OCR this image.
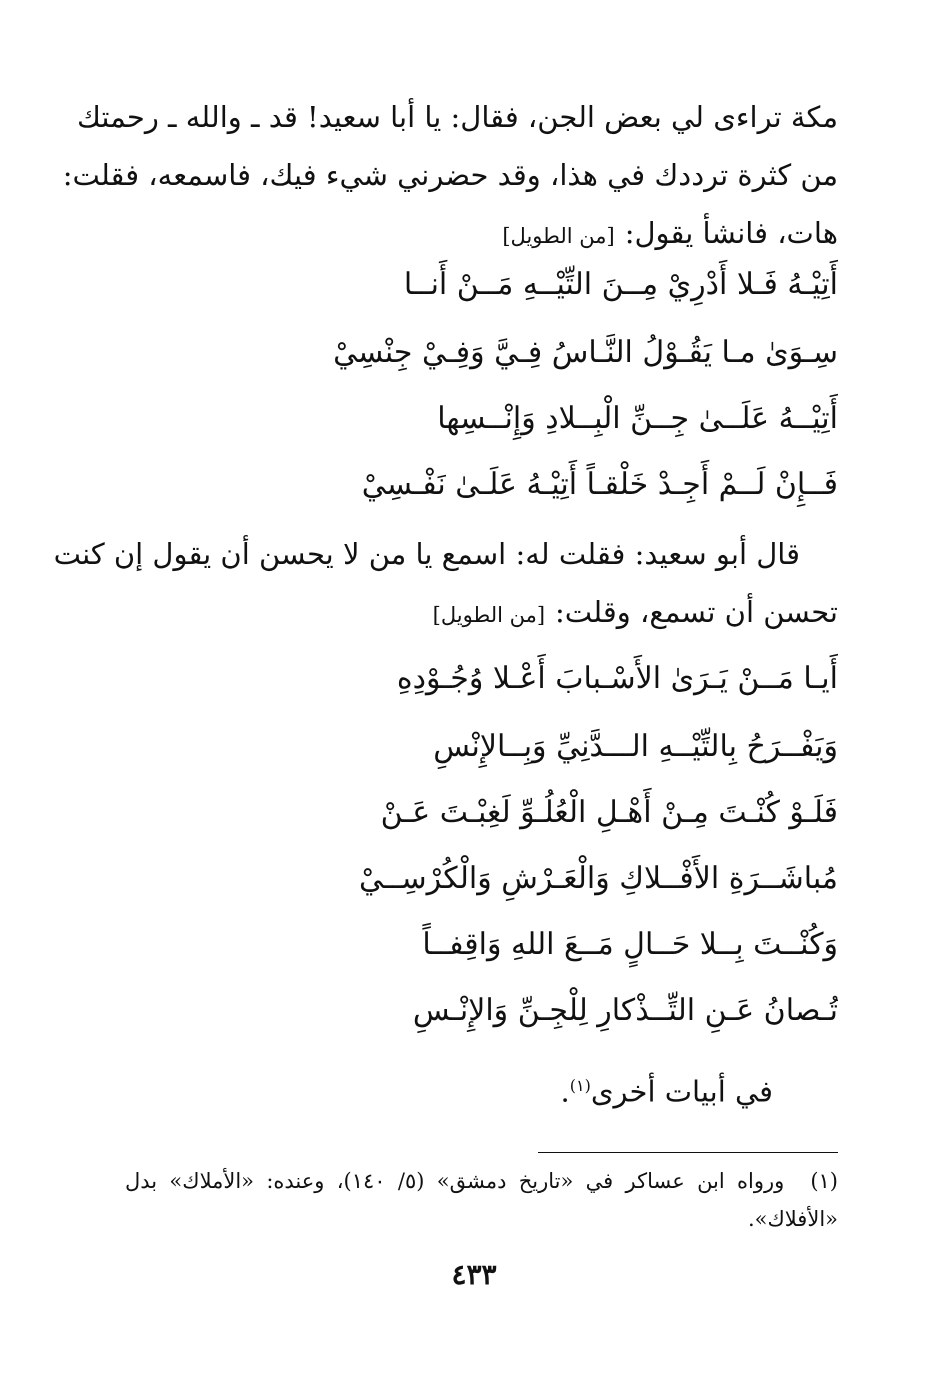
مكة تراءى لي بعض الجن، فقال: يا أبا سعيد! قد ـ والله ـ رحمتك
من كثرة ترددك في هذا، وقد حضرني شيء فيك، فاسمعه، فقلت:
هات، فانشأ يقول:[من الطويل]
أَتِيْـهُ فَـلا أَدْرِيْ مِــنَ التِّيْــهِ مَــنْ أَنــا
سِـوَىٰ مـا يَقُـوْلُ النَّـاسُ فِـيَّ وَفِـيْ جِنْسِيْ
أَتِيْــهُ عَلَــىٰ جِــنِّ الْبِــلادِ وَإِنْــسِها
فَــإِنْ لَــمْ أَجِـدْ خَلْقـاً أَتِيْـهُ عَلَـىٰ نَفْـسِيْ
قال أبو سعيد: فقلت له: اسمع يا من لا يحسن أن يقول إن كنت
تحسن أن تسمع، وقلت:[من الطويل]
أَيـا مَــنْ يَـرَىٰ الأَسْـبابَ أَعْـلا وُجُـوْدِهِ
وَيَفْــرَحُ بِالتِّيْــهِ الـــدَّنِيِّ وَبِــالإِنْسِ
فَلَـوْ كُنْـتَ مِـنْ أَهْـلِ الْعُلُـوِّ لَغِبْـتَ عَـنْ
مُباشَــرَةِ الأَفْــلاكِ وَالْعَـرْشِ وَالْكُرْسِــيْ
وَكُنْــتَ بِــلا حَــالٍ مَــعَ اللهِ وَاقِفــاً
تُـصانُ عَـنِ التِّــذْكارِ لِلْجِـنِّ وَالإِنْـسِ
في أبيات أخرى$^{(١)}$.
(١)ورواه ابن عساكر في «تاريخ دمشق» (٥/ ١٤٠)، وعنده: «الأملاك» بدل «الأفلاك».
٤٣٣
